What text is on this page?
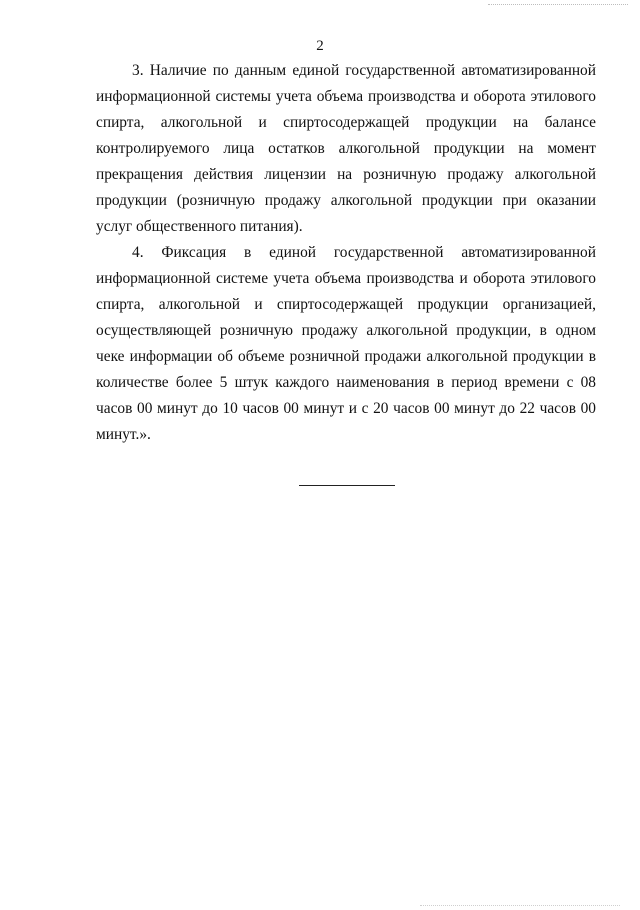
2

3. Наличие по данным единой государственной автоматизированной информационной системы учета объема производства и оборота этилового спирта, алкогольной и спиртосодержащей продукции на балансе контролируемого лица остатков алкогольной продукции на момент прекращения действия лицензии на розничную продажу алкогольной продукции (розничную продажу алкогольной продукции при оказании услуг общественного питания).

4. Фиксация в единой государственной автоматизированной информационной системе учета объема производства и оборота этилового спирта, алкогольной и спиртосодержащей продукции организацией, осуществляющей розничную продажу алкогольной продукции, в одном чеке информации об объеме розничной продажи алкогольной продукции в количестве более 5 штук каждого наименования в период времени с 08 часов 00 минут до 10 часов 00 минут и с 20 часов 00 минут до 22 часов 00 минут.».
